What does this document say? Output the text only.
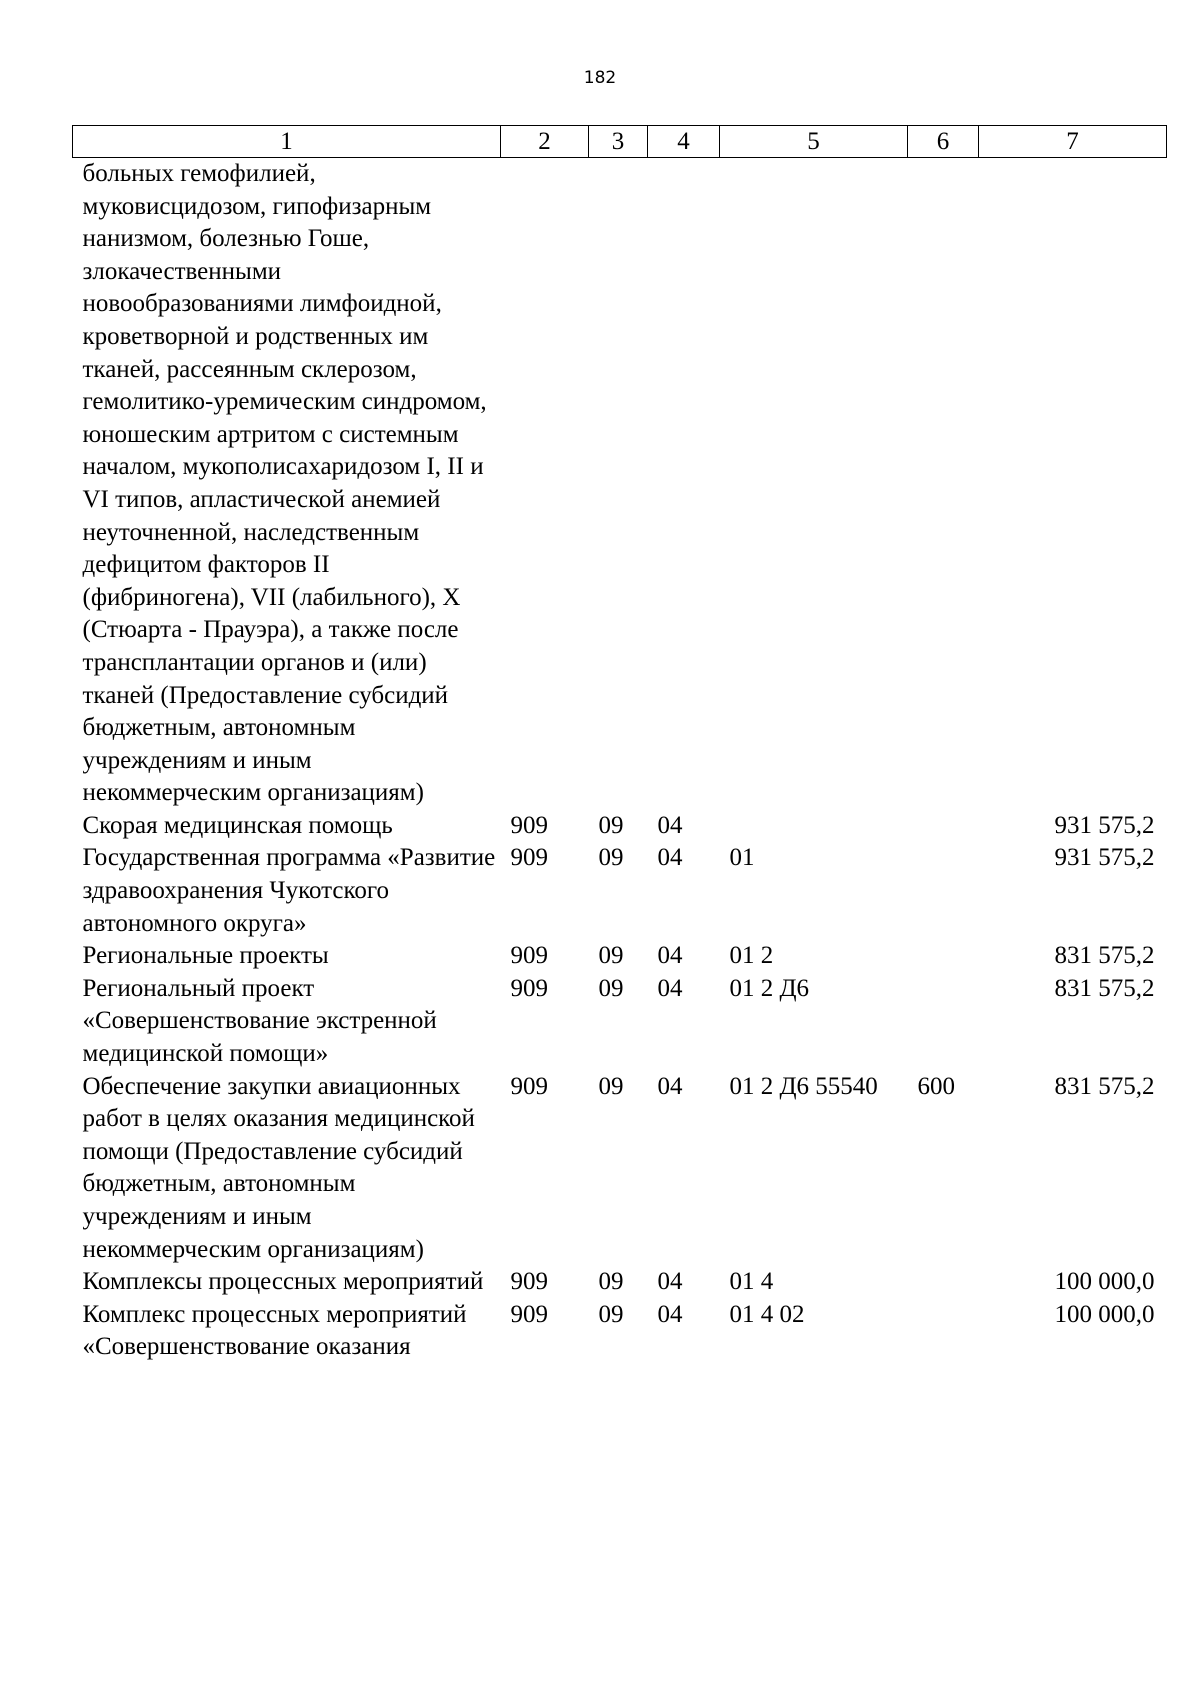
182
1	2	3	4	5	6	7
больных гемофилией, муковисцидозом, гипофизарным нанизмом, болезнью Гоше, злокачественными новообразованиями лимфоидной, кроветворной и родственных им тканей, рассеянным склерозом, гемолитико-уремическим синдромом, юношеским артритом с системным началом, мукополисахаридозом I, II и VI типов, апластической анемией неуточненной, наследственным дефицитом факторов II (фибриногена), VII (лабильного), X (Стюарта - Прауэра), а также после трансплантации органов и (или) тканей (Предоставление субсидий бюджетным, автономным учреждениям и иным некоммерческим организациям)						
Скорая медицинская помощь	909	09	04			931 575,2
Государственная программа «Развитие здравоохранения Чукотского автономного округа»	909	09	04	01		931 575,2
Региональные проекты	909	09	04	01 2		831 575,2
Региональный проект «Совершенствование экстренной медицинской помощи»	909	09	04	01 2 Д6		831 575,2
Обеспечение закупки авиационных работ в целях оказания медицинской помощи (Предоставление субсидий бюджетным, автономным учреждениям и иным некоммерческим организациям)	909	09	04	01 2 Д6 55540	600	831 575,2
Комплексы процессных мероприятий	909	09	04	01 4		100 000,0
Комплекс процессных мероприятий «Совершенствование оказания	909	09	04	01 4 02		100 000,0
